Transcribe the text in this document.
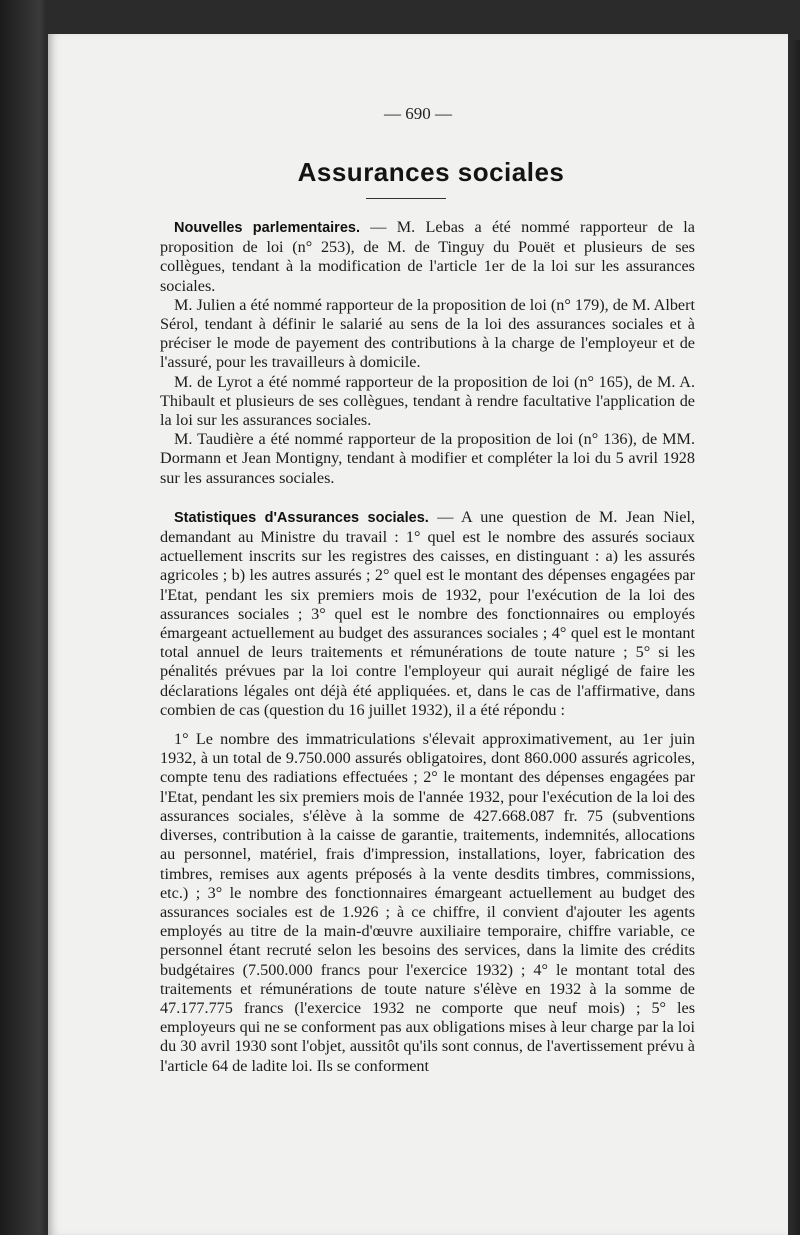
— 690 —
Assurances sociales

Nouvelles parlementaires. — M. Lebas a été nommé rapporteur de la proposition de loi (n° 253), de M. de Tinguy du Pouët et plusieurs de ses collègues, tendant à la modification de l'article 1er de la loi sur les assurances sociales.

M. Julien a été nommé rapporteur de la proposition de loi (n° 179), de M. Albert Sérol, tendant à définir le salarié au sens de la loi des assurances sociales et à préciser le mode de payement des contributions à la charge de l'employeur et de l'assuré, pour les travailleurs à domicile.

M. de Lyrot a été nommé rapporteur de la proposition de loi (n° 165), de M. A. Thibault et plusieurs de ses collègues, tendant à rendre facultative l'application de la loi sur les assurances sociales.

M. Taudière a été nommé rapporteur de la proposition de loi (n° 136), de MM. Dormann et Jean Montigny, tendant à modifier et compléter la loi du 5 avril 1928 sur les assurances sociales.

Statistiques d'Assurances sociales. — A une question de M. Jean Niel, demandant au Ministre du travail : 1° quel est le nombre des assurés sociaux actuellement inscrits sur les registres des caisses, en distinguant : a) les assurés agricoles ; b) les autres assurés ; 2° quel est le montant des dépenses engagées par l'Etat, pendant les six premiers mois de 1932, pour l'exécution de la loi des assurances sociales ; 3° quel est le nombre des fonctionnaires ou employés émargeant actuellement au budget des assurances sociales ; 4° quel est le montant total annuel de leurs traitements et rémunérations de toute nature ; 5° si les pénalités prévues par la loi contre l'employeur qui aurait négligé de faire les déclarations légales ont déjà été appliquées. et, dans le cas de l'affirmative, dans combien de cas (question du 16 juillet 1932), il a été répondu :

1° Le nombre des immatriculations s'élevait approximativement, au 1er juin 1932, à un total de 9.750.000 assurés obligatoires, dont 860.000 assurés agricoles, compte tenu des radiations effectuées ; 2° le montant des dépenses engagées par l'Etat, pendant les six premiers mois de l'année 1932, pour l'exécution de la loi des assurances sociales, s'élève à la somme de 427.668.087 fr. 75 (subventions diverses, contribution à la caisse de garantie, traitements, indemnités, allocations au personnel, matériel, frais d'impression, installations, loyer, fabrication des timbres, remises aux agents préposés à la vente desdits timbres, commissions, etc.) ; 3° le nombre des fonctionnaires émargeant actuellement au budget des assurances sociales est de 1.926 ; à ce chiffre, il convient d'ajouter les agents employés au titre de la main-d'œuvre auxiliaire temporaire, chiffre variable, ce personnel étant recruté selon les besoins des services, dans la limite des crédits budgétaires (7.500.000 francs pour l'exercice 1932) ; 4° le montant total des traitements et rémunérations de toute nature s'élève en 1932 à la somme de 47.177.775 francs (l'exercice 1932 ne comporte que neuf mois) ; 5° les employeurs qui ne se conforment pas aux obligations mises à leur charge par la loi du 30 avril 1930 sont l'objet, aussitôt qu'ils sont connus, de l'avertissement prévu à l'article 64 de ladite loi. Ils se conforment
